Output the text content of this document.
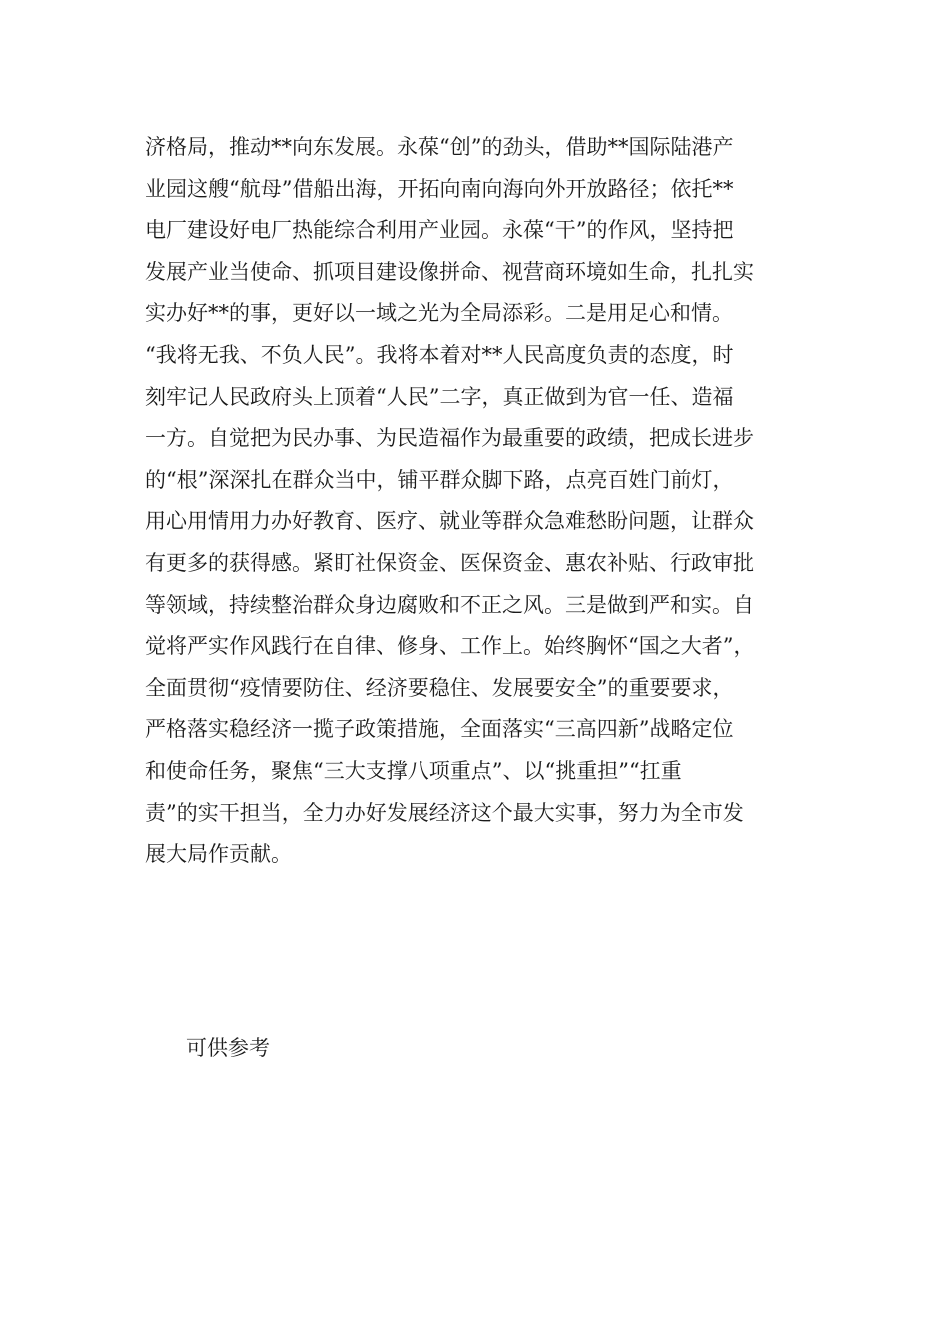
济格局，推动**向东发展。永葆“创”的劲头，借助**国际陆港产
业园这艘“航母”借船出海，开拓向南向海向外开放路径；依托**
电厂建设好电厂热能综合利用产业园。永葆“干”的作风，坚持把
发展产业当使命、抓项目建设像拼命、视营商环境如生命，扎扎实
实办好**的事，更好以一域之光为全局添彩。二是用足心和情。
“我将无我、不负人民”。我将本着对**人民高度负责的态度，时
刻牢记人民政府头上顶着“人民”二字，真正做到为官一任、造福
一方。自觉把为民办事、为民造福作为最重要的政绩，把成长进步
的“根”深深扎在群众当中，铺平群众脚下路，点亮百姓门前灯，
用心用情用力办好教育、医疗、就业等群众急难愁盼问题，让群众
有更多的获得感。紧盯社保资金、医保资金、惠农补贴、行政审批
等领域，持续整治群众身边腐败和不正之风。三是做到严和实。自
觉将严实作风践行在自律、修身、工作上。始终胸怀“国之大者”，
全面贯彻“疫情要防住、经济要稳住、发展要安全”的重要要求，
严格落实稳经济一揽子政策措施，全面落实“三高四新”战略定位
和使命任务，聚焦“三大支撑八项重点”、以“挑重担”“扛重
责”的实干担当，全力办好发展经济这个最大实事，努力为全市发
展大局作贡献。

可供参考
